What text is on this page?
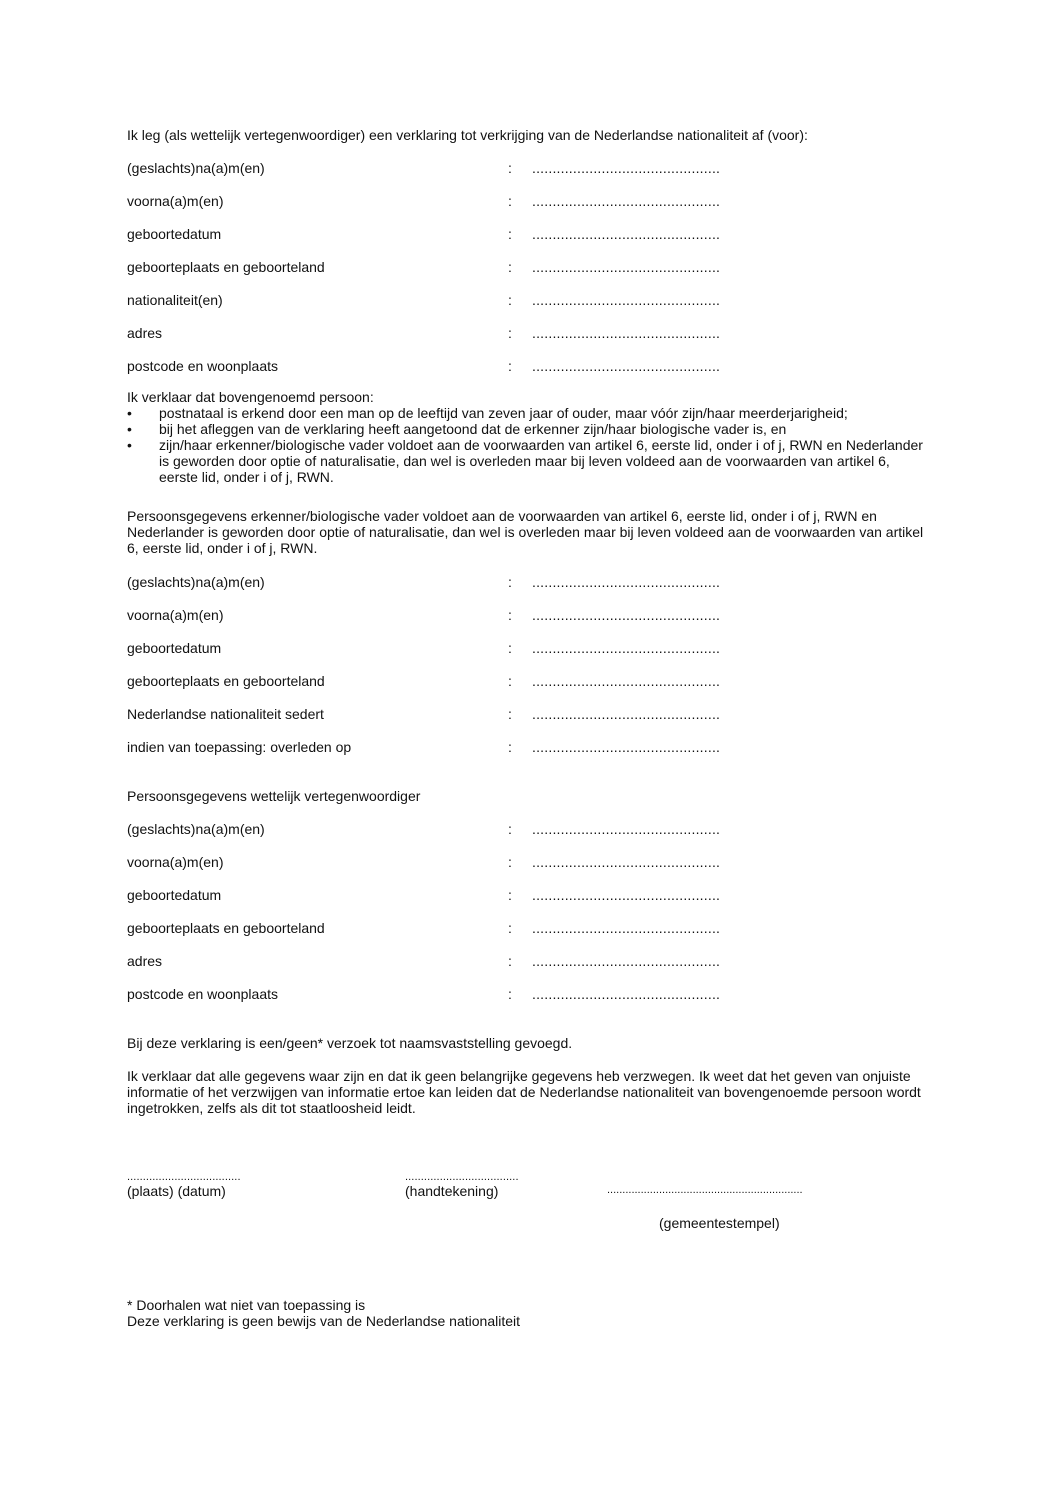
Ik leg (als wettelijk vertegenwoordiger) een verklaring tot verkrijging van de Nederlandse nationaliteit af (voor):

(geslachts)na(a)m(en)	: ..............................................
voorna(a)m(en)	: ..............................................
geboortedatum	: ..............................................
geboorteplaats en geboorteland	: ..............................................
nationaliteit(en)	: ..............................................
adres	: ..............................................
postcode en woonplaats	: ..............................................

Ik verklaar dat bovengenoemd persoon:

• postnataal is erkend door een man op de leeftijd van zeven jaar of ouder, maar vóór zijn/haar meerderjarigheid;
• bij het afleggen van de verklaring heeft aangetoond dat de erkenner zijn/haar biologische vader is, en
• zijn/haar erkenner/biologische vader voldoet aan de voorwaarden van artikel 6, eerste lid, onder i of j, RWN en Nederlander is geworden door optie of naturalisatie, dan wel is overleden maar bij leven voldeed aan de voorwaarden van artikel 6, eerste lid, onder i of j, RWN.

Persoonsgegevens erkenner/biologische vader voldoet aan de voorwaarden van artikel 6, eerste lid, onder i of j, RWN en Nederlander is geworden door optie of naturalisatie, dan wel is overleden maar bij leven voldeed aan de voorwaarden van artikel 6, eerste lid, onder i of j, RWN.

(geslachts)na(a)m(en)	: ..............................................
voorna(a)m(en)	: ..............................................
geboortedatum	: ..............................................
geboorteplaats en geboorteland	: ..............................................
Nederlandse nationaliteit sedert	: ..............................................
indien van toepassing: overleden op	: ..............................................

Persoonsgegevens wettelijk vertegenwoordiger

(geslachts)na(a)m(en)	: ..............................................
voorna(a)m(en)	: ..............................................
geboortedatum	: ..............................................
geboorteplaats en geboorteland	: ..............................................
adres	: ..............................................
postcode en woonplaats	: ..............................................

Bij deze verklaring is een/geen* verzoek tot naamsvaststelling gevoegd.

Ik verklaar dat alle gegevens waar zijn en dat ik geen belangrijke gegevens heb verzwegen. Ik weet dat het geven van onjuiste informatie of het verzwijgen van informatie ertoe kan leiden dat de Nederlandse nationaliteit van bovengenoemde persoon wordt ingetrokken, zelfs als dit tot staatloosheid leidt.

....................................
(plaats) (datum)
....................................
(handtekening)	................................................................
(gemeentestempel)
* Doorhalen wat niet van toepassing is
Deze verklaring is geen bewijs van de Nederlandse nationaliteit
